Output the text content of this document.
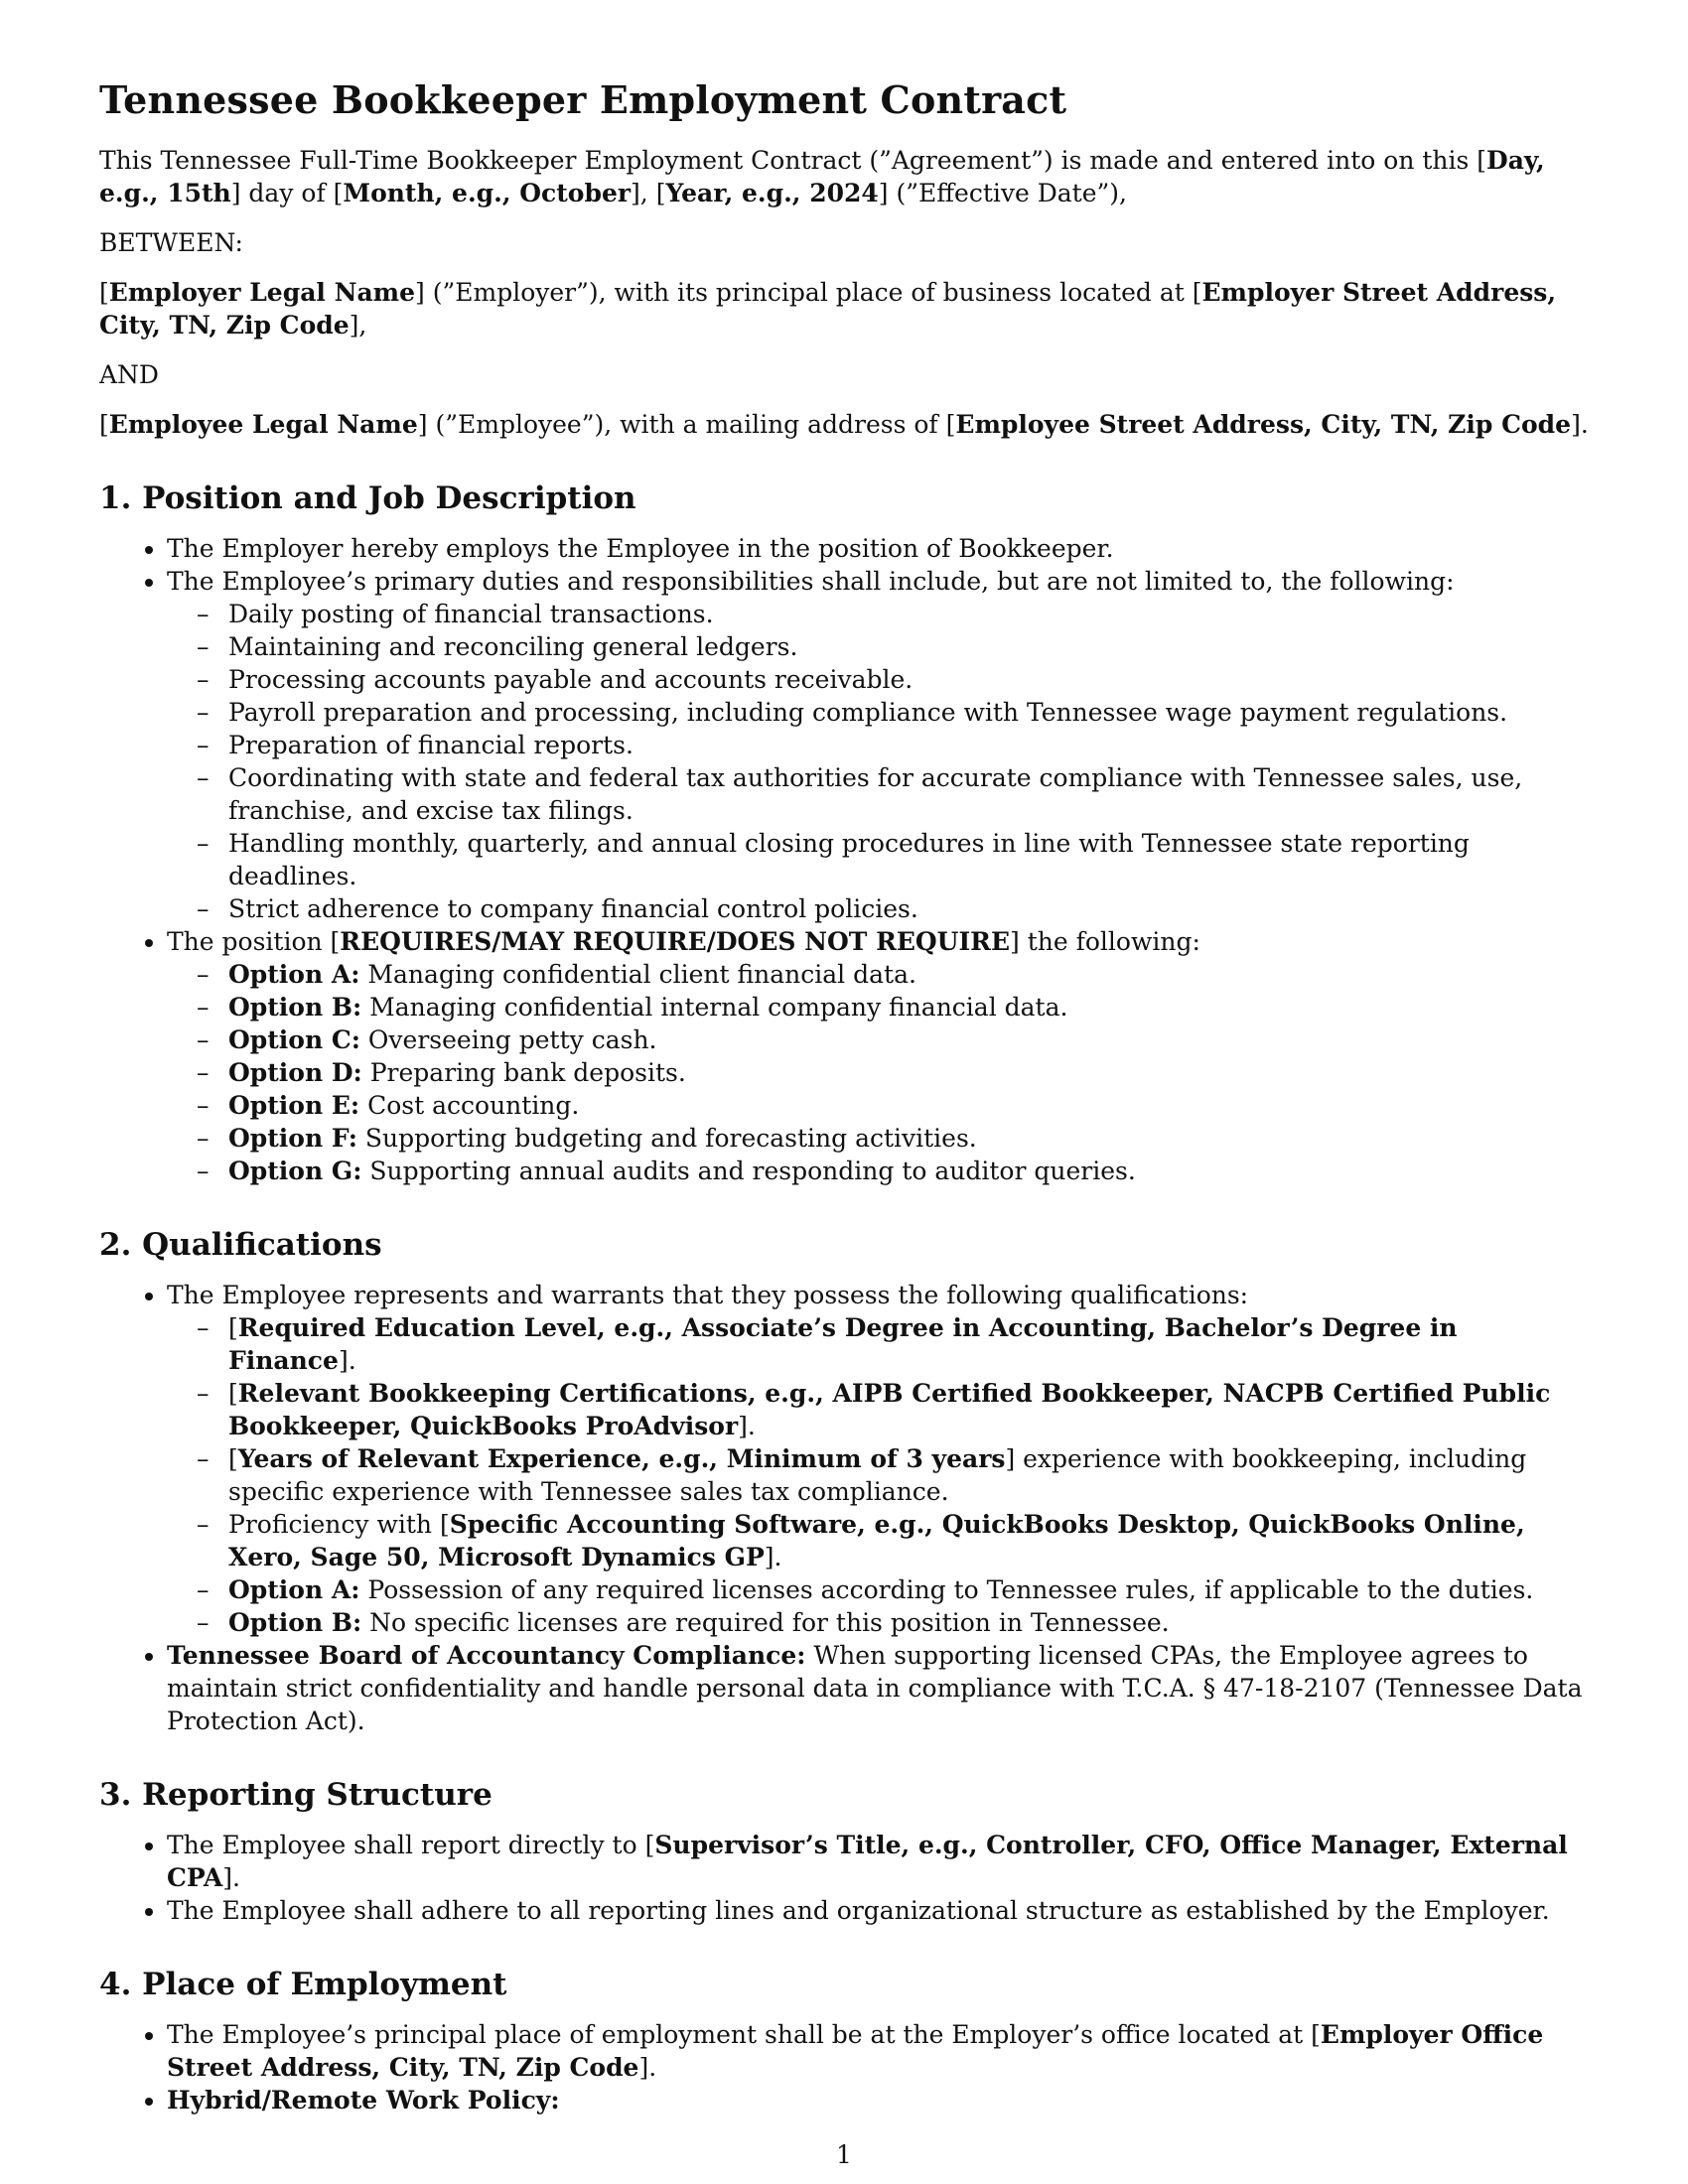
Tennessee Bookkeeper Employment Contract

This Tennessee Full-Time Bookkeeper Employment Contract (”Agreement”) is made and entered into on this [Day, e.g., 15th] day of [Month, e.g., October], [Year, e.g., 2024] (”Effective Date”),

BETWEEN:

[Employer Legal Name] (”Employer”), with its principal place of business located at [Employer Street Address, City, TN, Zip Code],

AND

[Employee Legal Name] (”Employee”), with a mailing address of [Employee Street Address, City, TN, Zip Code].

1. Position and Job Description
• The Employer hereby employs the Employee in the position of Bookkeeper.
• The Employee’s primary duties and responsibilities shall include, but are not limited to, the following:
– Daily posting of financial transactions.
– Maintaining and reconciling general ledgers.
– Processing accounts payable and accounts receivable.
– Payroll preparation and processing, including compliance with Tennessee wage payment regulations.
– Preparation of financial reports.
– Coordinating with state and federal tax authorities for accurate compliance with Tennessee sales, use, franchise, and excise tax filings.
– Handling monthly, quarterly, and annual closing procedures in line with Tennessee state reporting deadlines.
– Strict adherence to company financial control policies.
• The position [REQUIRES/MAY REQUIRE/DOES NOT REQUIRE] the following:
– Option A: Managing confidential client financial data.
– Option B: Managing confidential internal company financial data.
– Option C: Overseeing petty cash.
– Option D: Preparing bank deposits.
– Option E: Cost accounting.
– Option F: Supporting budgeting and forecasting activities.
– Option G: Supporting annual audits and responding to auditor queries.
2. Qualifications
• The Employee represents and warrants that they possess the following qualifications:
– [Required Education Level, e.g., Associate’s Degree in Accounting, Bachelor’s Degree in Finance].
– [Relevant Bookkeeping Certifications, e.g., AIPB Certified Bookkeeper, NACPB Certified Public Bookkeeper, QuickBooks ProAdvisor].
– [Years of Relevant Experience, e.g., Minimum of 3 years] experience with bookkeeping, including specific experience with Tennessee sales tax compliance.
– Proficiency with [Specific Accounting Software, e.g., QuickBooks Desktop, QuickBooks Online, Xero, Sage 50, Microsoft Dynamics GP].
– Option A: Possession of any required licenses according to Tennessee rules, if applicable to the duties.
– Option B: No specific licenses are required for this position in Tennessee.
• Tennessee Board of Accountancy Compliance: When supporting licensed CPAs, the Employee agrees to maintain strict confidentiality and handle personal data in compliance with T.C.A. § 47-18-2107 (Tennessee Data Protection Act).
3. Reporting Structure
• The Employee shall report directly to [Supervisor’s Title, e.g., Controller, CFO, Office Manager, External CPA].
• The Employee shall adhere to all reporting lines and organizational structure as established by the Employer.
4. Place of Employment
• The Employee’s principal place of employment shall be at the Employer’s office located at [Employer Office Street Address, City, TN, Zip Code].
• Hybrid/Remote Work Policy:
1
